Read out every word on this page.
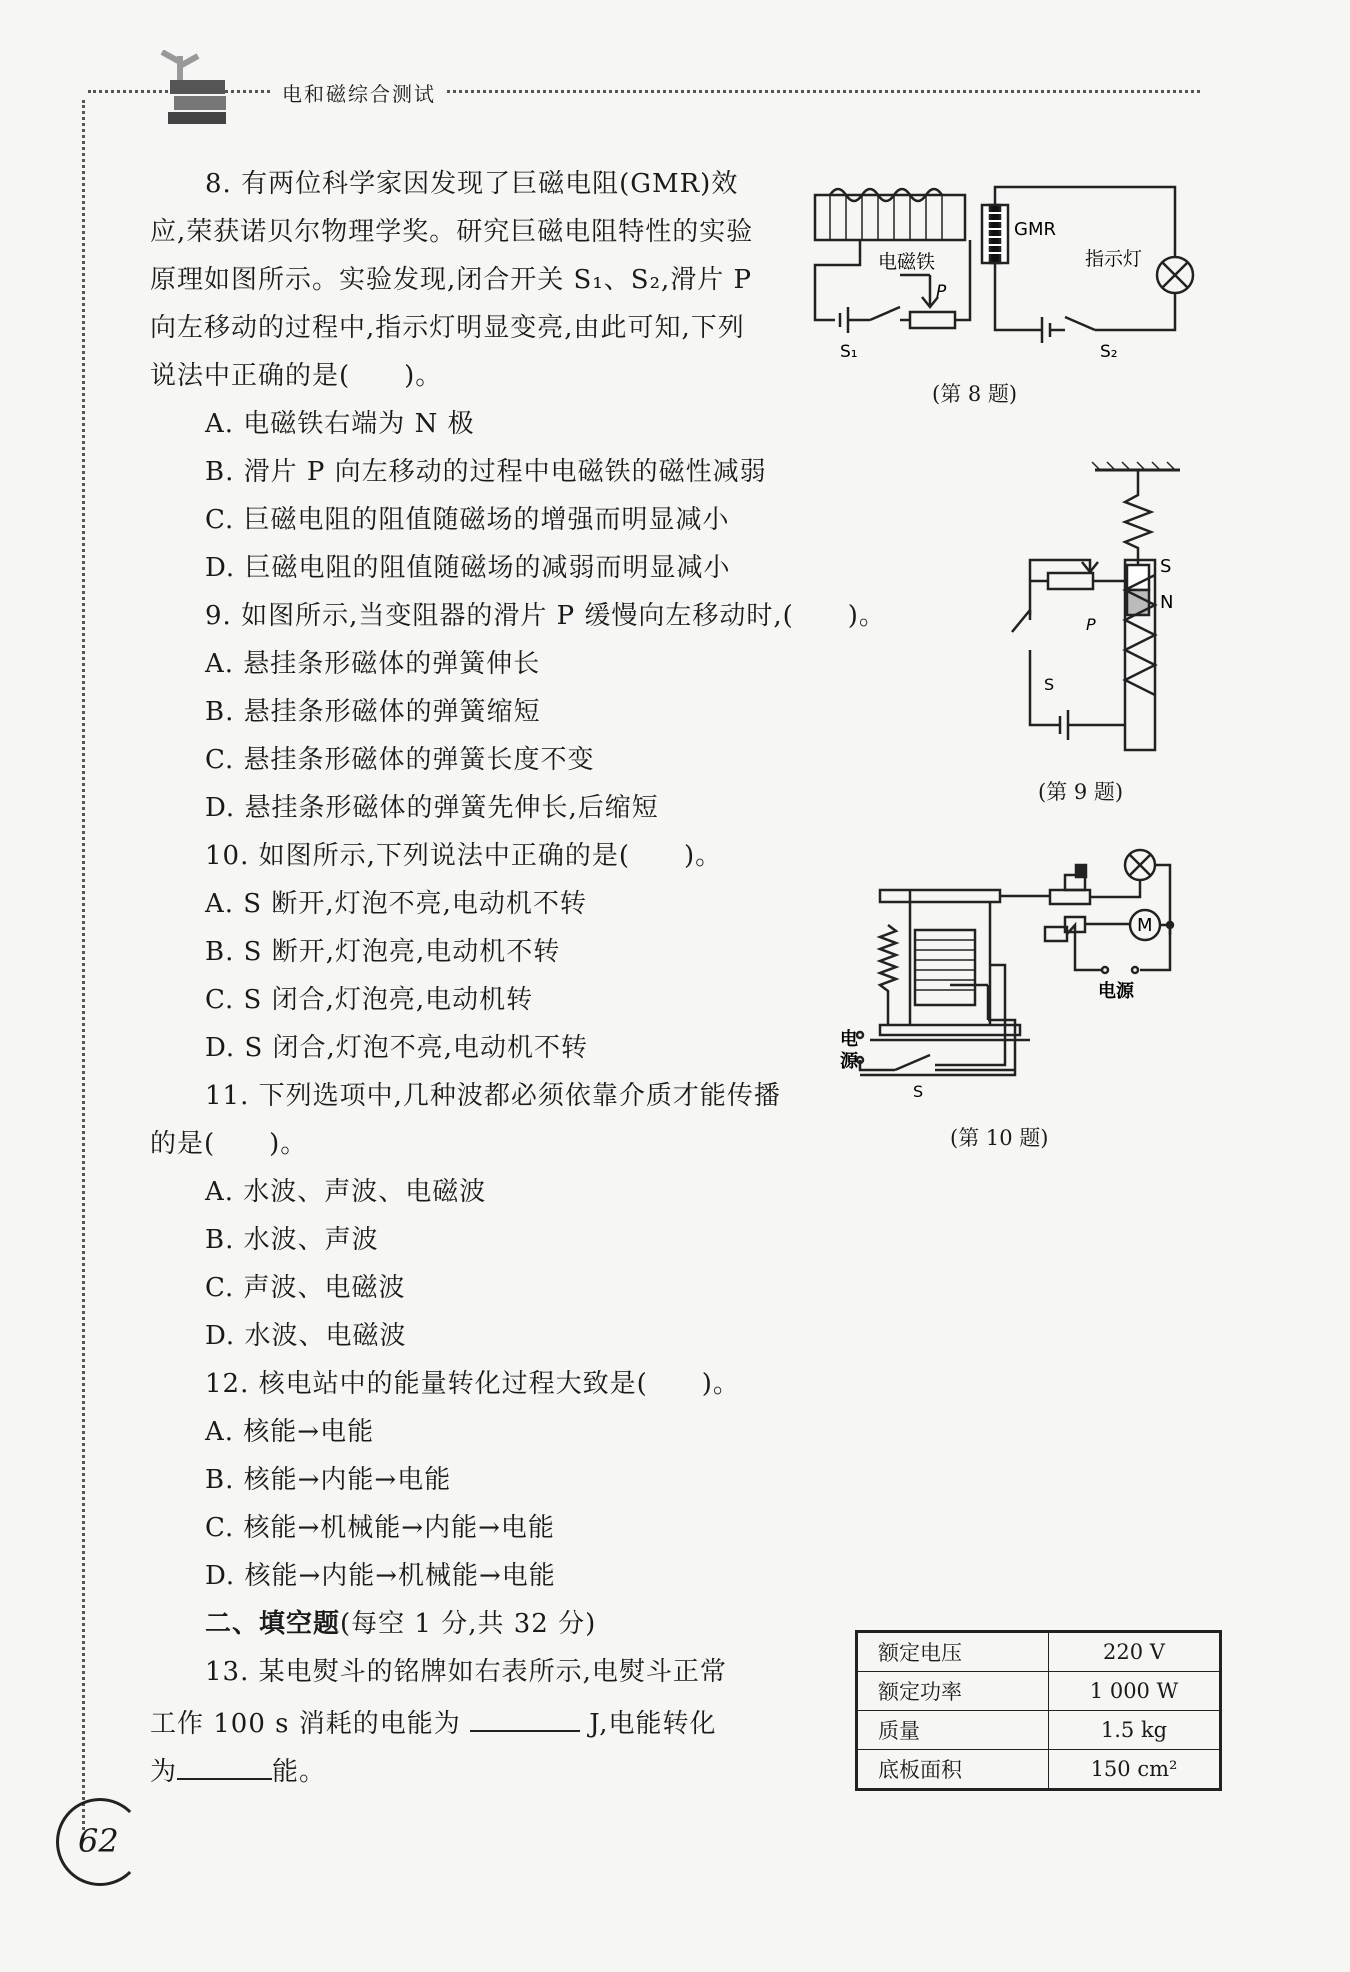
电和磁综合测试
8. 有两位科学家因发现了巨磁电阻(GMR)效
应,荣获诺贝尔物理学奖。研究巨磁电阻特性的实验
原理如图所示。实验发现,闭合开关 S₁、S₂,滑片 P
向左移动的过程中,指示灯明显变亮,由此可知,下列
说法中正确的是(　　)。
A. 电磁铁右端为 N 极
B. 滑片 P 向左移动的过程中电磁铁的磁性减弱
C. 巨磁电阻的阻值随磁场的增强而明显减小
D. 巨磁电阻的阻值随磁场的减弱而明显减小
电磁铁
GMR
指示灯
P
S₁	S₂
(第 8 题)
9. 如图所示,当变阻器的滑片 P 缓慢向左移动时,(　　)。
A. 悬挂条形磁体的弹簧伸长
B. 悬挂条形磁体的弹簧缩短
C. 悬挂条形磁体的弹簧长度不变
D. 悬挂条形磁体的弹簧先伸长,后缩短
S
N
P
S
(第 9 题)
10. 如图所示,下列说法中正确的是(　　)。
A. S 断开,灯泡不亮,电动机不转
B. S 断开,灯泡亮,电动机不转
C. S 闭合,灯泡亮,电动机转
D. S 闭合,灯泡不亮,电动机不转
M
电源
电
源
S
(第 10 题)
11. 下列选项中,几种波都必须依靠介质才能传播
的是(　　)。
A. 水波、声波、电磁波
B. 水波、声波
C. 声波、电磁波
D. 水波、电磁波
12. 核电站中的能量转化过程大致是(　　)。
A. 核能→电能
B. 核能→内能→电能
C. 核能→机械能→内能→电能
D. 核能→内能→机械能→电能
二、填空题(每空 1 分,共 32 分)
13. 某电熨斗的铭牌如右表所示,电熨斗正常
工作 100 s 消耗的电能为	J,电能转化
为	能。
额定电压	220 V
额定功率	1 000 W
质量	1.5 kg
底板面积	150 cm²
62
